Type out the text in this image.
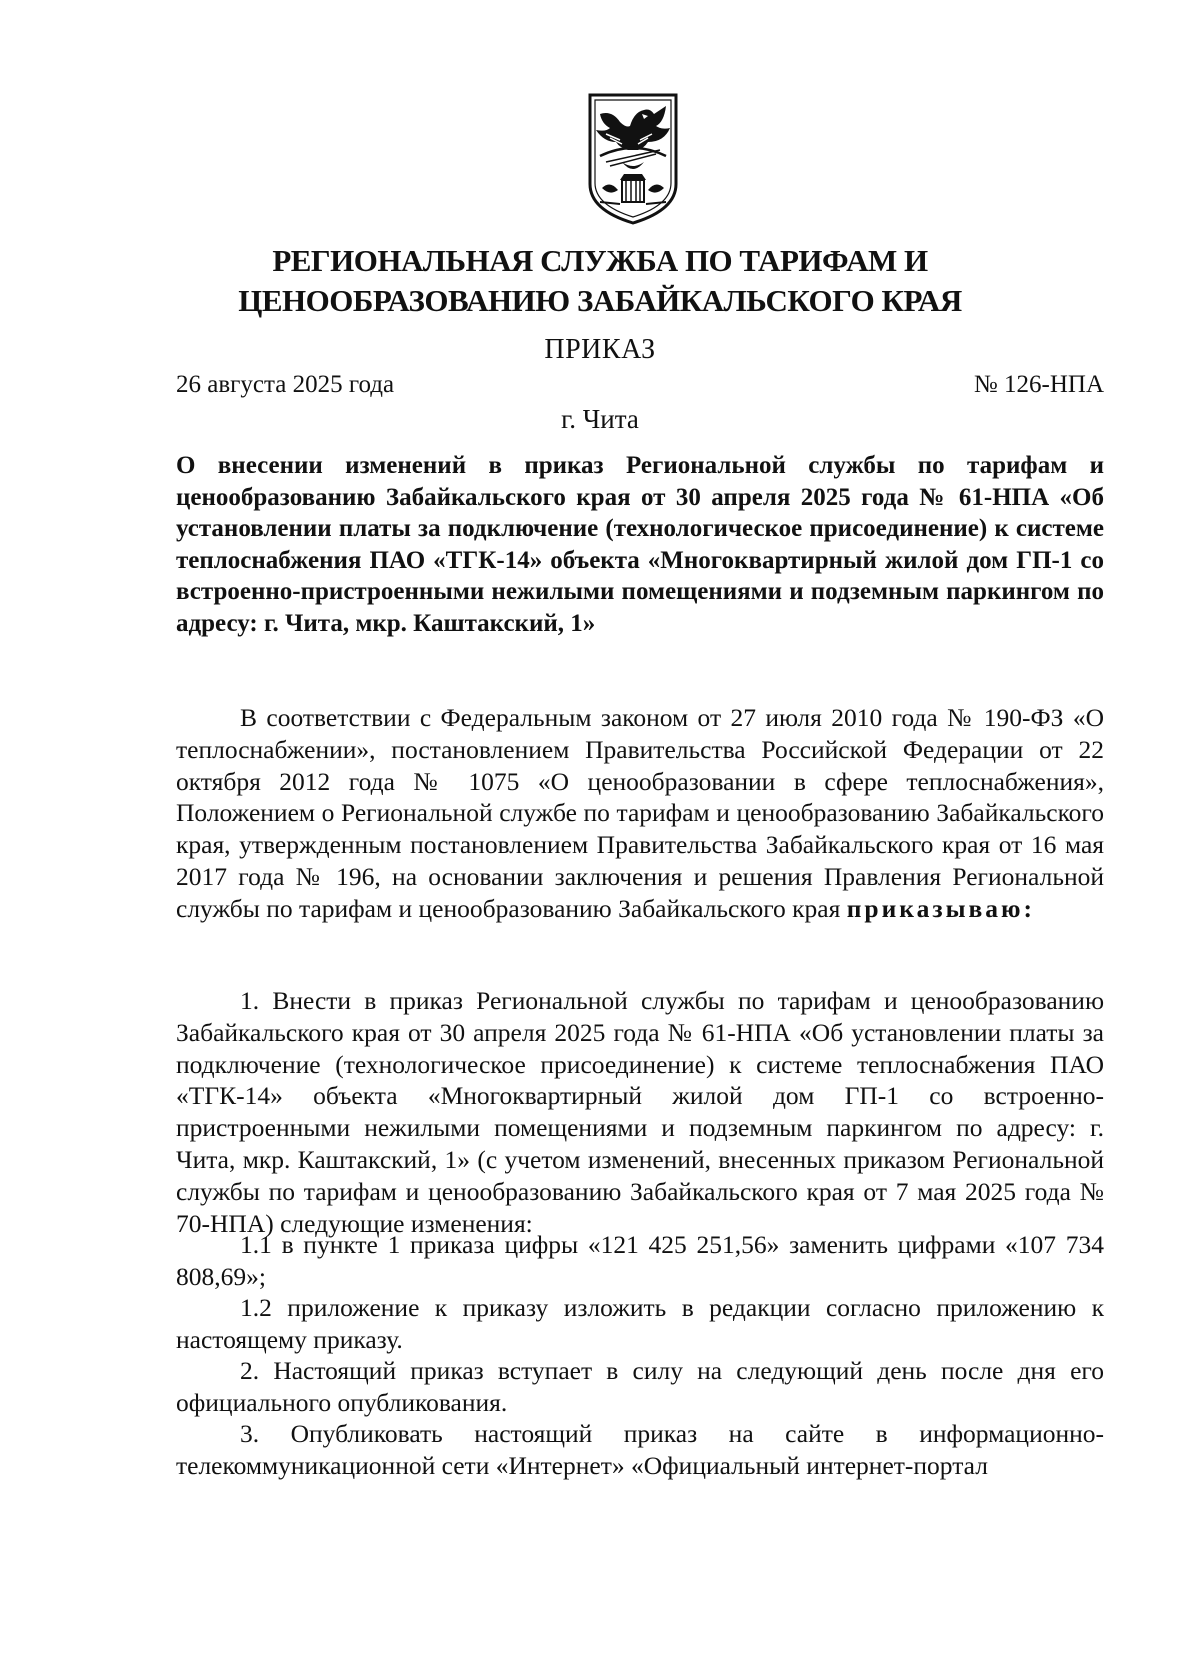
РЕГИОНАЛЬНАЯ СЛУЖБА ПО ТАРИФАМ И
ЦЕНООБРАЗОВАНИЮ ЗАБАЙКАЛЬСКОГО КРАЯ
ПРИКАЗ
26 августа 2025 года	№ 126-НПА
г. Чита
О внесении изменений в приказ Региональной службы по тарифам и ценообразованию Забайкальского края от 30 апреля 2025 года № 61-НПА «Об установлении платы за подключение (технологическое присоединение) к системе теплоснабжения ПАО «ТГК-14» объекта «Многоквартирный жилой дом ГП-1 со встроенно-пристроенными нежилыми помещениями и подземным паркингом по адресу: г. Чита, мкр. Каштакский, 1»
В соответствии с Федеральным законом от 27 июля 2010 года № 190-ФЗ «О теплоснабжении», постановлением Правительства Российской Федерации от 22 октября 2012 года № 1075 «О ценообразовании в сфере теплоснабжения», Положением о Региональной службе по тарифам и ценообразованию Забайкальского края, утвержденным постановлением Правительства Забайкальского края от 16 мая 2017 года № 196, на основании заключения и решения Правления Региональной службы по тарифам и ценообразованию Забайкальского края приказываю:
1. Внести в приказ Региональной службы по тарифам и ценообразованию Забайкальского края от 30 апреля 2025 года № 61-НПА «Об установлении платы за подключение (технологическое присоединение) к системе теплоснабжения ПАО «ТГК-14» объекта «Многоквартирный жилой дом ГП-1 со встроенно-пристроенными нежилыми помещениями и подземным паркингом по адресу: г. Чита, мкр. Каштакский, 1» (с учетом изменений, внесенных приказом Региональной службы по тарифам и ценообразованию Забайкальского края от 7 мая 2025 года № 70-НПА) следующие изменения:
1.1 в пункте 1 приказа цифры «121 425 251,56» заменить цифрами «107 734 808,69»;
1.2 приложение к приказу изложить в редакции согласно приложению к настоящему приказу.
2. Настоящий приказ вступает в силу на следующий день после дня его официального опубликования.
3. Опубликовать настоящий приказ на сайте в информационно-телекоммуникационной сети «Интернет» «Официальный интернет-портал
